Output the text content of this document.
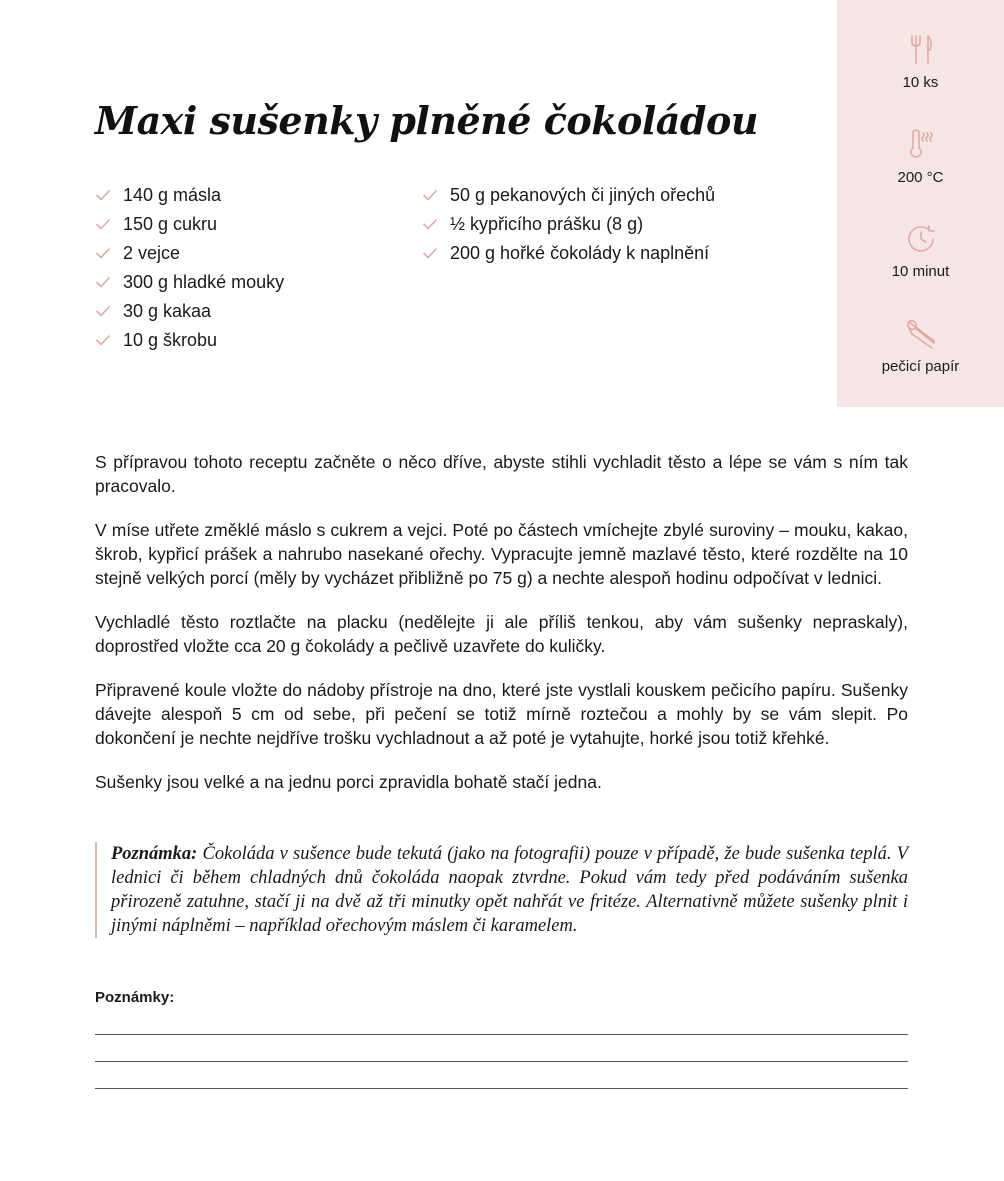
10 ks
200 °C
10 minut
pečicí papír
Maxi sušenky plněné čokoládou
140 g másla
150 g cukru
2 vejce
300 g hladké mouky
30 g kakaa
10 g škrobu
50 g pekanových či jiných ořechů
½ kypřicího prášku (8 g)
200 g hořké čokolády k naplnění

S přípravou tohoto receptu začněte o něco dříve, abyste stihli vychladit těsto a lépe se vám s ním tak pracovalo.

V míse utřete změklé máslo s cukrem a vejci. Poté po částech vmíchejte zbylé suroviny – mouku, kakao, škrob, kypřicí prášek a nahrubo nasekané ořechy. Vypracujte jemně mazlavé těsto, které rozdělte na 10 stejně velkých porcí (měly by vycházet přibližně po 75 g) a nechte alespoň hodinu odpočívat v lednici.

Vychladlé těsto roztlačte na placku (nedělejte ji ale příliš tenkou, aby vám sušenky nepraskaly), doprostřed vložte cca 20 g čokolády a pečlivě uzavřete do kuličky.

Připravené koule vložte do nádoby přístroje na dno, které jste vystlali kouskem pečicího papíru. Sušenky dávejte alespoň 5 cm od sebe, při pečení se totiž mírně roztečou a mohly by se vám slepit. Po dokončení je nechte nejdříve trošku vychladnout a až poté je vytahujte, horké jsou totiž křehké.

Sušenky jsou velké a na jednu porci zpravidla bohatě stačí jedna.

Poznámka: Čokoláda v sušence bude tekutá (jako na fotografii) pouze v případě, že bude sušenka teplá. V lednici či během chladných dnů čokoláda naopak ztvrdne. Pokud vám tedy před podáváním sušenka přirozeně zatuhne, stačí ji na dvě až tři minutky opět nahřát ve fritéze. Alternativně můžete sušenky plnit i jinými náplněmi – například ořechovým máslem či karamelem.
Poznámky:
